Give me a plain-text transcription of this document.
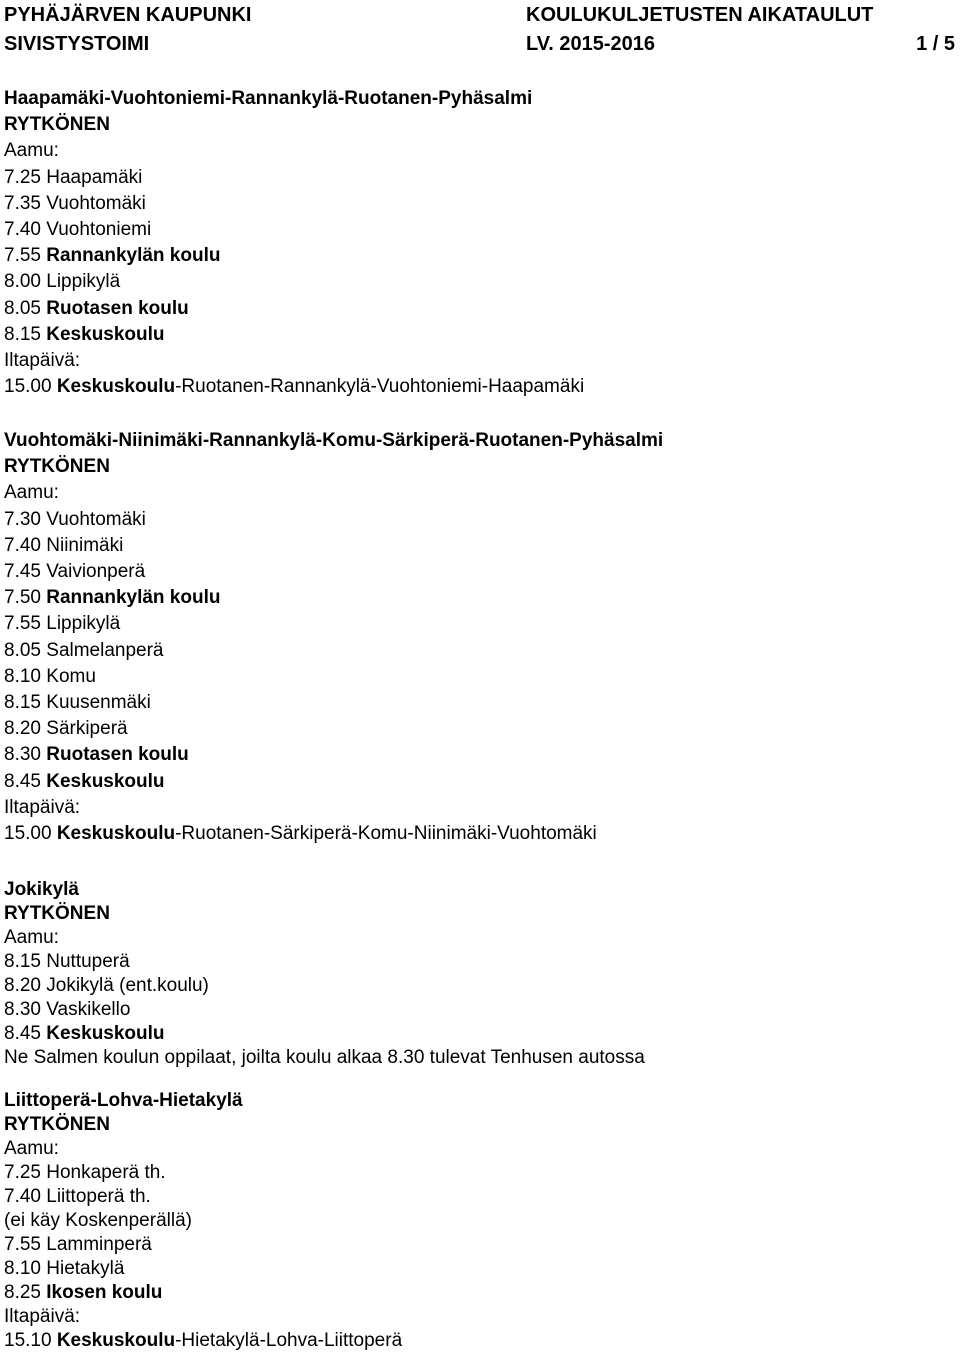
PYHÄJÄRVEN KAUPUNKI
SIVISTYSTOIMI
KOULUKULJETUSTEN AIKATAULUT
LV. 2015-2016	1 / 5
Haapamäki-Vuohtoniemi-Rannankylä-Ruotanen-Pyhäsalmi
RYTKÖNEN
Aamu:
7.25 Haapamäki
7.35 Vuohtomäki
7.40 Vuohtoniemi
7.55 Rannankylän koulu
8.00 Lippikylä
8.05 Ruotasen koulu
8.15 Keskuskoulu
Iltapäivä:
15.00 Keskuskoulu-Ruotanen-Rannankylä-Vuohtoniemi-Haapamäki
Vuohtomäki-Niinimäki-Rannankylä-Komu-Särkiperä-Ruotanen-Pyhäsalmi
RYTKÖNEN
Aamu:
7.30 Vuohtomäki
7.40 Niinimäki
7.45 Vaivionperä
7.50 Rannankylän koulu
7.55 Lippikylä
8.05 Salmelanperä
8.10 Komu
8.15 Kuusenmäki
8.20 Särkiperä
8.30 Ruotasen koulu
8.45 Keskuskoulu
Iltapäivä:
15.00 Keskuskoulu-Ruotanen-Särkiperä-Komu-Niinimäki-Vuohtomäki
Jokikylä
RYTKÖNEN
Aamu:
8.15 Nuttuperä
8.20 Jokikylä (ent.koulu)
8.30 Vaskikello
8.45 Keskuskoulu
Ne Salmen koulun oppilaat, joilta koulu alkaa 8.30 tulevat Tenhusen autossa
Liittoperä-Lohva-Hietakylä
RYTKÖNEN
Aamu:
7.25 Honkaperä th.
7.40 Liittoperä th.
(ei käy Koskenperällä)
7.55 Lamminperä
8.10 Hietakylä
8.25 Ikosen koulu
Iltapäivä:
15.10 Keskuskoulu-Hietakylä-Lohva-Liittoperä
